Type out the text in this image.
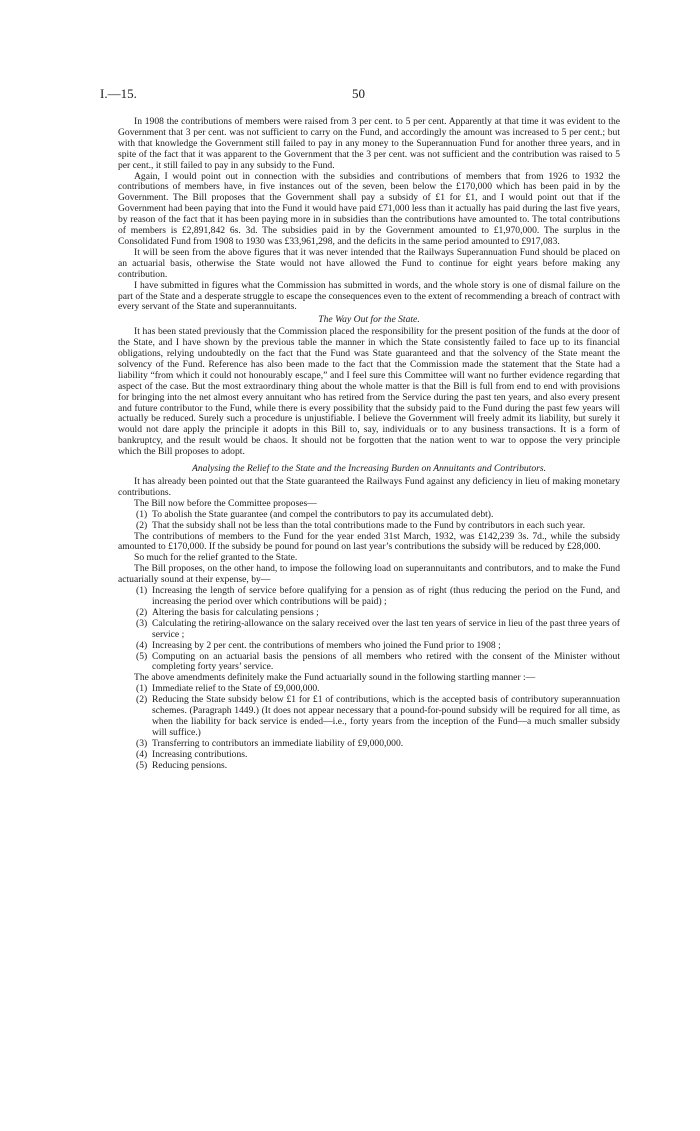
I.—15.	50

In 1908 the contributions of members were raised from 3 per cent. to 5 per cent. Apparently at that time it was evident to the Government that 3 per cent. was not sufficient to carry on the Fund, and accordingly the amount was increased to 5 per cent.; but with that knowledge the Government still failed to pay in any money to the Superannuation Fund for another three years, and in spite of the fact that it was apparent to the Government that the 3 per cent. was not sufficient and the contribution was raised to 5 per cent., it still failed to pay in any subsidy to the Fund.

Again, I would point out in connection with the subsidies and contributions of members that from 1926 to 1932 the contributions of members have, in five instances out of the seven, been below the £170,000 which has been paid in by the Government. The Bill proposes that the Government shall pay a subsidy of £1 for £1, and I would point out that if the Government had been paying that into the Fund it would have paid £71,000 less than it actually has paid during the last five years, by reason of the fact that it has been paying more in in subsidies than the contributions have amounted to. The total contributions of members is £2,891,842 6s. 3d. The subsidies paid in by the Government amounted to £1,970,000. The surplus in the Consolidated Fund from 1908 to 1930 was £33,961,298, and the deficits in the same period amounted to £917,083.

It will be seen from the above figures that it was never intended that the Railways Superannuation Fund should be placed on an actuarial basis, otherwise the State would not have allowed the Fund to continue for eight years before making any contribution.

I have submitted in figures what the Commission has submitted in words, and the whole story is one of dismal failure on the part of the State and a desperate struggle to escape the consequences even to the extent of recommending a breach of contract with every servant of the State and superannuitants.

The Way Out for the State.

It has been stated previously that the Commission placed the responsibility for the present position of the funds at the door of the State, and I have shown by the previous table the manner in which the State consistently failed to face up to its financial obligations, relying undoubtedly on the fact that the Fund was State guaranteed and that the solvency of the State meant the solvency of the Fund. Reference has also been made to the fact that the Commission made the statement that the State had a liability “from which it could not honourably escape,” and I feel sure this Committee will want no further evidence regarding that aspect of the case. But the most extraordinary thing about the whole matter is that the Bill is full from end to end with provisions for bringing into the net almost every annuitant who has retired from the Service during the past ten years, and also every present and future contributor to the Fund, while there is every possibility that the subsidy paid to the Fund during the past few years will actually be reduced. Surely such a procedure is unjustifiable. I believe the Government will freely admit its liability, but surely it would not dare apply the principle it adopts in this Bill to, say, individuals or to any business transactions. It is a form of bankruptcy, and the result would be chaos. It should not be forgotten that the nation went to war to oppose the very principle which the Bill proposes to adopt.

Analysing the Relief to the State and the Increasing Burden on Annuitants and Contributors.

It has already been pointed out that the State guaranteed the Railways Fund against any deficiency in lieu of making monetary contributions.

The Bill now before the Committee proposes—

(1) To abolish the State guarantee (and compel the contributors to pay its accumulated debt).
(2) That the subsidy shall not be less than the total contributions made to the Fund by contributors in each such year.

The contributions of members to the Fund for the year ended 31st March, 1932, was £142,239 3s. 7d., while the subsidy amounted to £170,000. If the subsidy be pound for pound on last year’s contributions the subsidy will be reduced by £28,000.

So much for the relief granted to the State.

The Bill proposes, on the other hand, to impose the following load on superannuitants and contributors, and to make the Fund actuarially sound at their expense, by—

(1) Increasing the length of service before qualifying for a pension as of right (thus reducing the period on the Fund, and increasing the period over which contributions will be paid) ;
(2) Altering the basis for calculating pensions ;
(3) Calculating the retiring-allowance on the salary received over the last ten years of service in lieu of the past three years of service ;
(4) Increasing by 2 per cent. the contributions of members who joined the Fund prior to 1908 ;
(5) Computing on an actuarial basis the pensions of all members who retired with the consent of the Minister without completing forty years’ service.

The above amendments definitely make the Fund actuarially sound in the following startling manner :—

(1) Immediate relief to the State of £9,000,000.
(2) Reducing the State subsidy below £1 for £1 of contributions, which is the accepted basis of contributory superannuation schemes. (Paragraph 1449.) (It does not appear necessary that a pound-for-pound subsidy will be required for all time, as when the liability for back service is ended—i.e., forty years from the inception of the Fund—a much smaller subsidy will suffice.)
(3) Transferring to contributors an immediate liability of £9,000,000.
(4) Increasing contributions.
(5) Reducing pensions.
